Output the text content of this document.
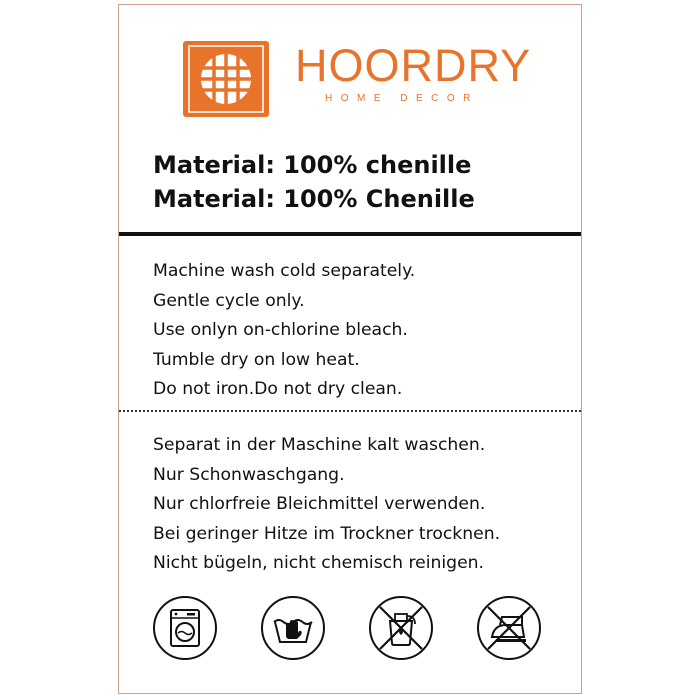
HOORDRY
HOME DECOR
Material: 100% chenille
Material: 100% Chenille
Machine wash cold separately.
Gentle cycle only.
Use onlyn on-chlorine bleach.
Tumble dry on low heat.
Do not iron.Do not dry clean.
Separat in der Maschine kalt waschen.
Nur Schonwaschgang.
Nur chlorfreie Bleichmittel verwenden.
Bei geringer Hitze im Trockner trocknen.
Nicht bügeln, nicht chemisch reinigen.
